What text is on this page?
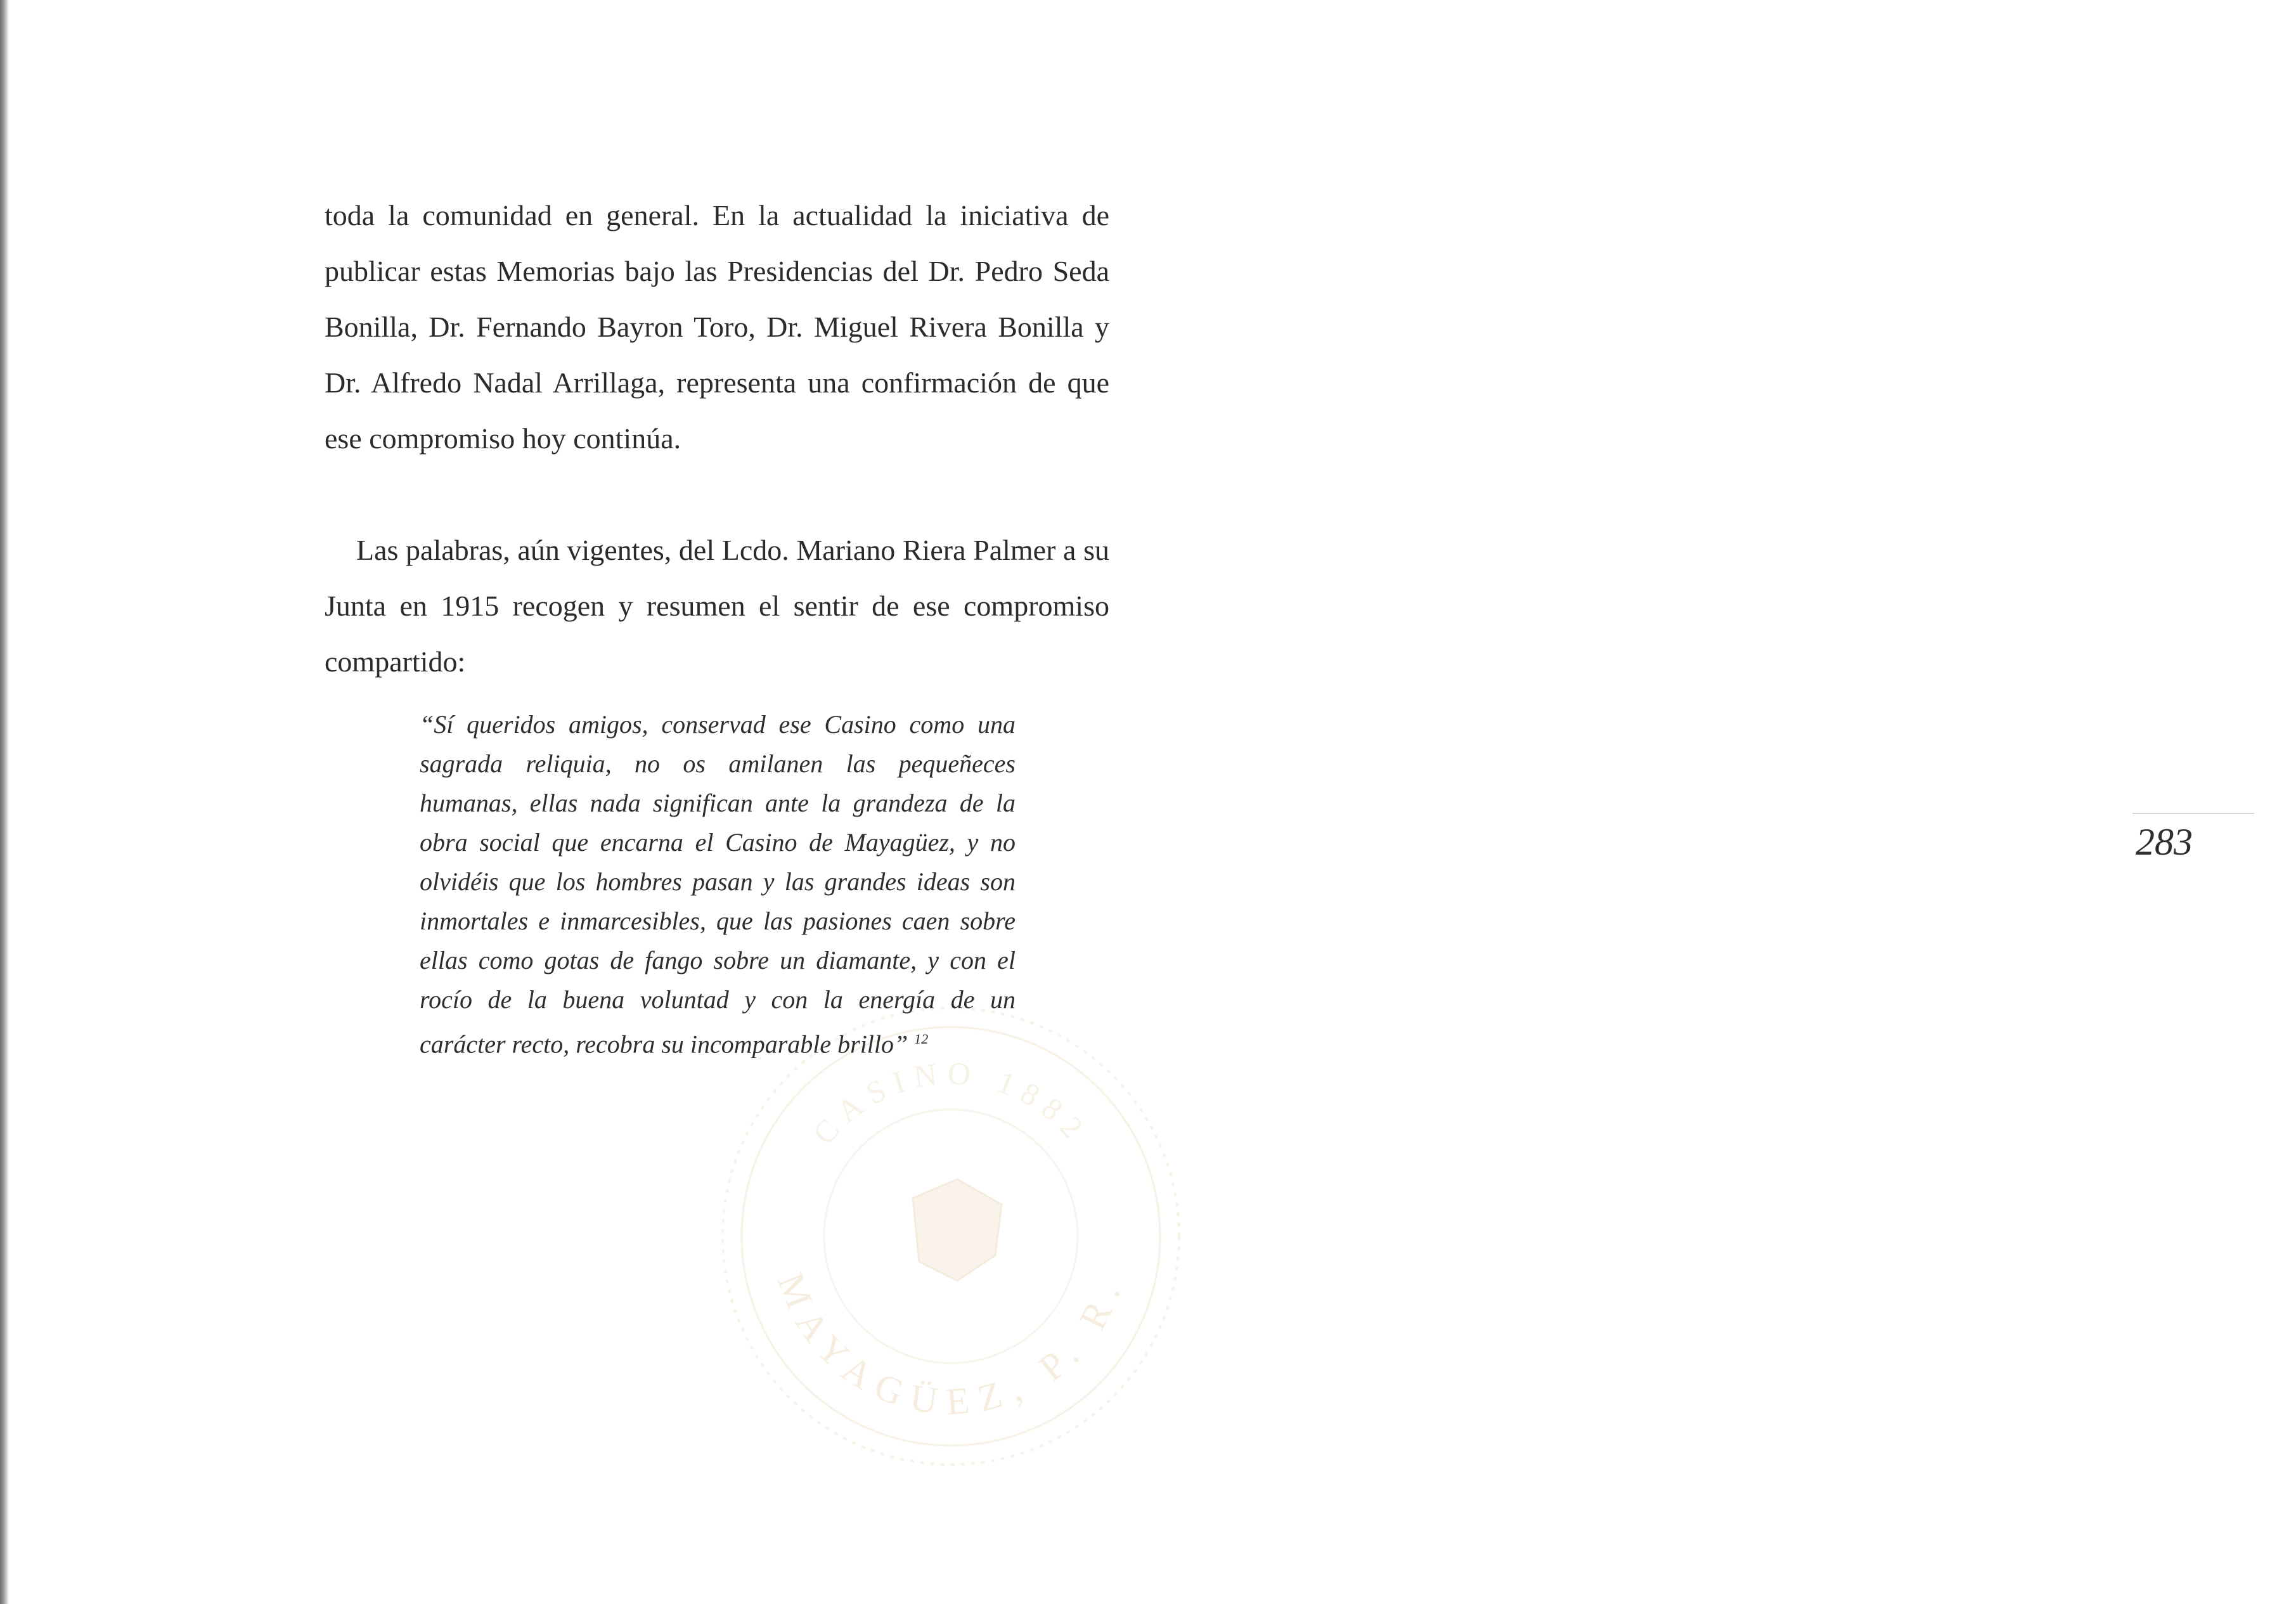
MAYAGÜEZ, P. R.
CASINO 1882

toda la comunidad en general. En la actualidad la iniciativa de publicar estas Memorias bajo las Presidencias del Dr. Pedro Seda Bonilla, Dr. Fernando Bayron Toro, Dr. Miguel Rivera Bonilla y Dr. Alfredo Nadal Arrillaga, representa una confirmación de que ese compromiso hoy continúa.

Las palabras, aún vigentes, del Lcdo. Mariano Riera Palmer a su Junta en 1915 recogen y resumen el sentir de ese compromiso compartido:

“Sí queridos amigos, conservad ese Casino como una sagrada reliquia, no os amilanen las pequeñeces humanas, ellas nada significan ante la grandeza de la obra social que encarna el Casino de Mayagüez, y no olvidéis que los hombres pasan y las grandes ideas son inmortales e inmarcesibles, que las pasiones caen sobre ellas como gotas de fango sobre un diamante, y con el rocío de la buena voluntad y con la energía de un carácter recto, recobra su incomparable brillo” $^{12}$

283
